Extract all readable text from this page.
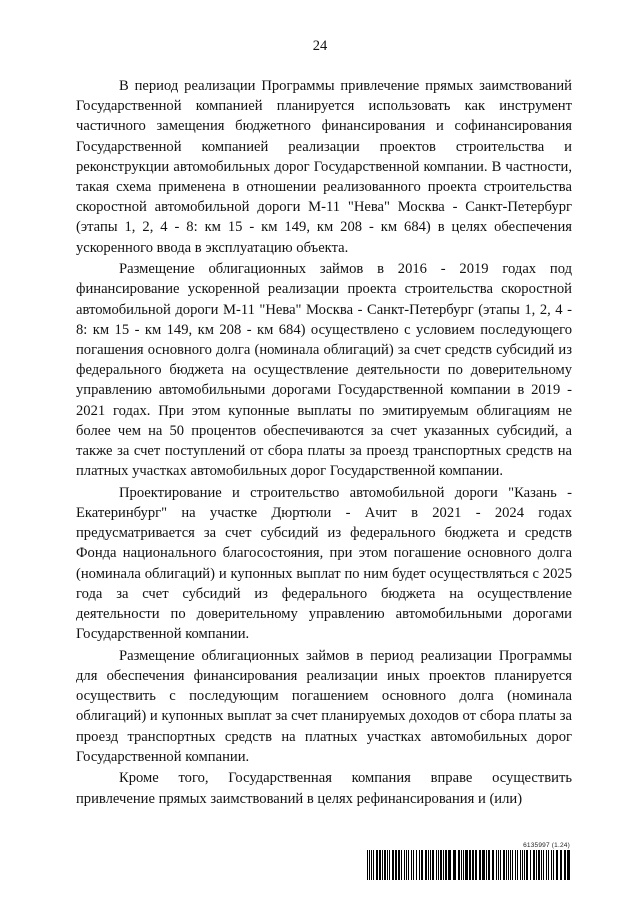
24

В период реализации Программы привлечение прямых заимствований Государственной компанией планируется использовать как инструмент частичного замещения бюджетного финансирования и софинансирования Государственной компанией реализации проектов строительства и реконструкции автомобильных дорог Государственной компании. В частности, такая схема применена в отношении реализованного проекта строительства скоростной автомобильной дороги М-11 "Нева" Москва - Санкт-Петербург (этапы 1, 2, 4 - 8: км 15 - км 149, км 208 - км 684) в целях обеспечения ускоренного ввода в эксплуатацию объекта.

Размещение облигационных займов в 2016 - 2019 годах под финансирование ускоренной реализации проекта строительства скоростной автомобильной дороги М-11 "Нева" Москва - Санкт-Петербург (этапы 1, 2, 4 - 8: км 15 - км 149, км 208 - км 684) осуществлено с условием последующего погашения основного долга (номинала облигаций) за счет средств субсидий из федерального бюджета на осуществление деятельности по доверительному управлению автомобильными дорогами Государственной компании в 2019 - 2021 годах. При этом купонные выплаты по эмитируемым облигациям не более чем на 50 процентов обеспечиваются за счет указанных субсидий, а также за счет поступлений от сбора платы за проезд транспортных средств на платных участках автомобильных дорог Государственной компании.

Проектирование и строительство автомобильной дороги "Казань - Екатеринбург" на участке Дюртюли - Ачит в 2021 - 2024 годах предусматривается за счет субсидий из федерального бюджета и средств Фонда национального благосостояния, при этом погашение основного долга (номинала облигаций) и купонных выплат по ним будет осуществляться с 2025 года за счет субсидий из федерального бюджета на осуществление деятельности по доверительному управлению автомобильными дорогами Государственной компании.

Размещение облигационных займов в период реализации Программы для обеспечения финансирования реализации иных проектов планируется осуществить с последующим погашением основного долга (номинала облигаций) и купонных выплат за счет планируемых доходов от сбора платы за проезд транспортных средств на платных участках автомобильных дорог Государственной компании.

Кроме того, Государственная компания вправе осуществить привлечение прямых заимствований в целях рефинансирования и (или)

6135997 (1.24)
